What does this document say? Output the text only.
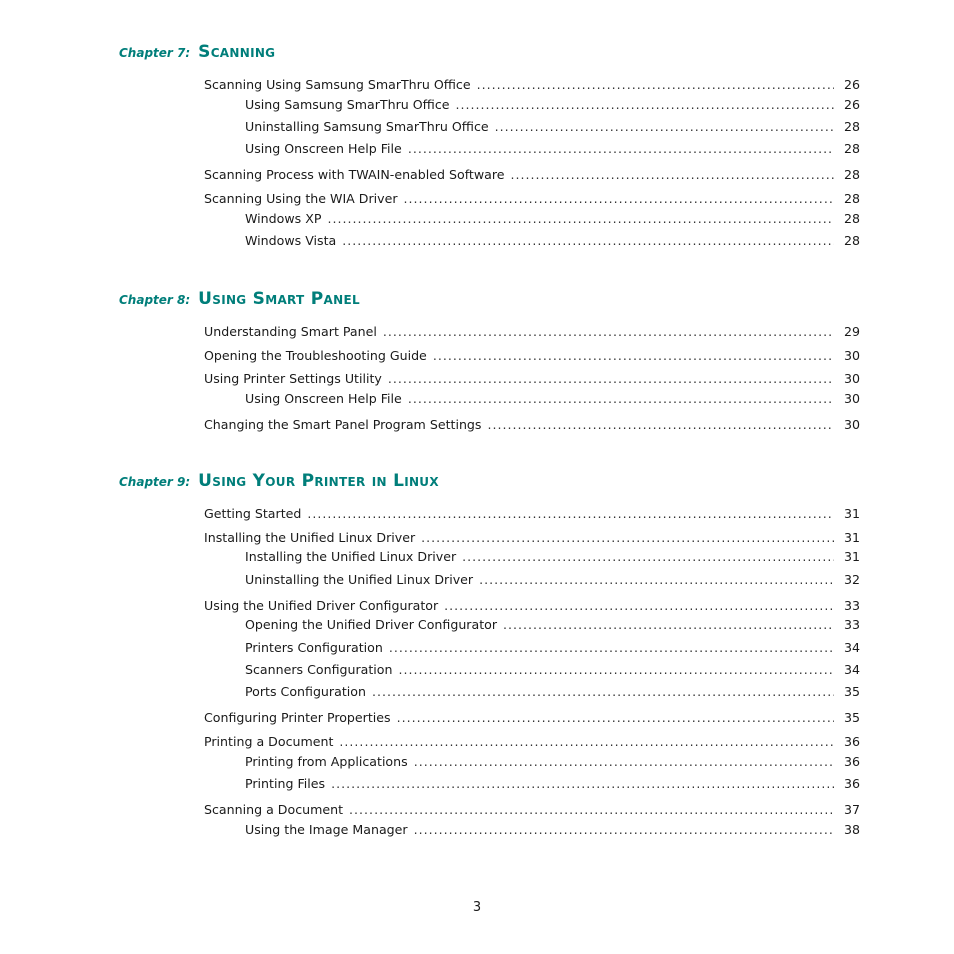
Chapter 7: Scanning
Scanning Using Samsung SmarThru Office .....	26
Using Samsung SmarThru Office .....	26
Uninstalling Samsung SmarThru Office .....	28
Using Onscreen Help File .....	28
Scanning Process with TWAIN-enabled Software .....	28
Scanning Using the WIA Driver .....	28
Windows XP .....	28
Windows Vista .....	28
Chapter 8: Using Smart Panel
Understanding Smart Panel .....	29
Opening the Troubleshooting Guide .....	30
Using Printer Settings Utility .....	30
Using Onscreen Help File .....	30
Changing the Smart Panel Program Settings .....	30
Chapter 9: Using Your Printer in Linux
Getting Started .....	31
Installing the Unified Linux Driver .....	31
Installing the Unified Linux Driver .....	31
Uninstalling the Unified Linux Driver .....	32
Using the Unified Driver Configurator .....	33
Opening the Unified Driver Configurator .....	33
Printers Configuration .....	34
Scanners Configuration .....	34
Ports Configuration .....	35
Configuring Printer Properties .....	35
Printing a Document .....	36
Printing from Applications .....	36
Printing Files .....	36
Scanning a Document .....	37
Using the Image Manager .....	38
3
